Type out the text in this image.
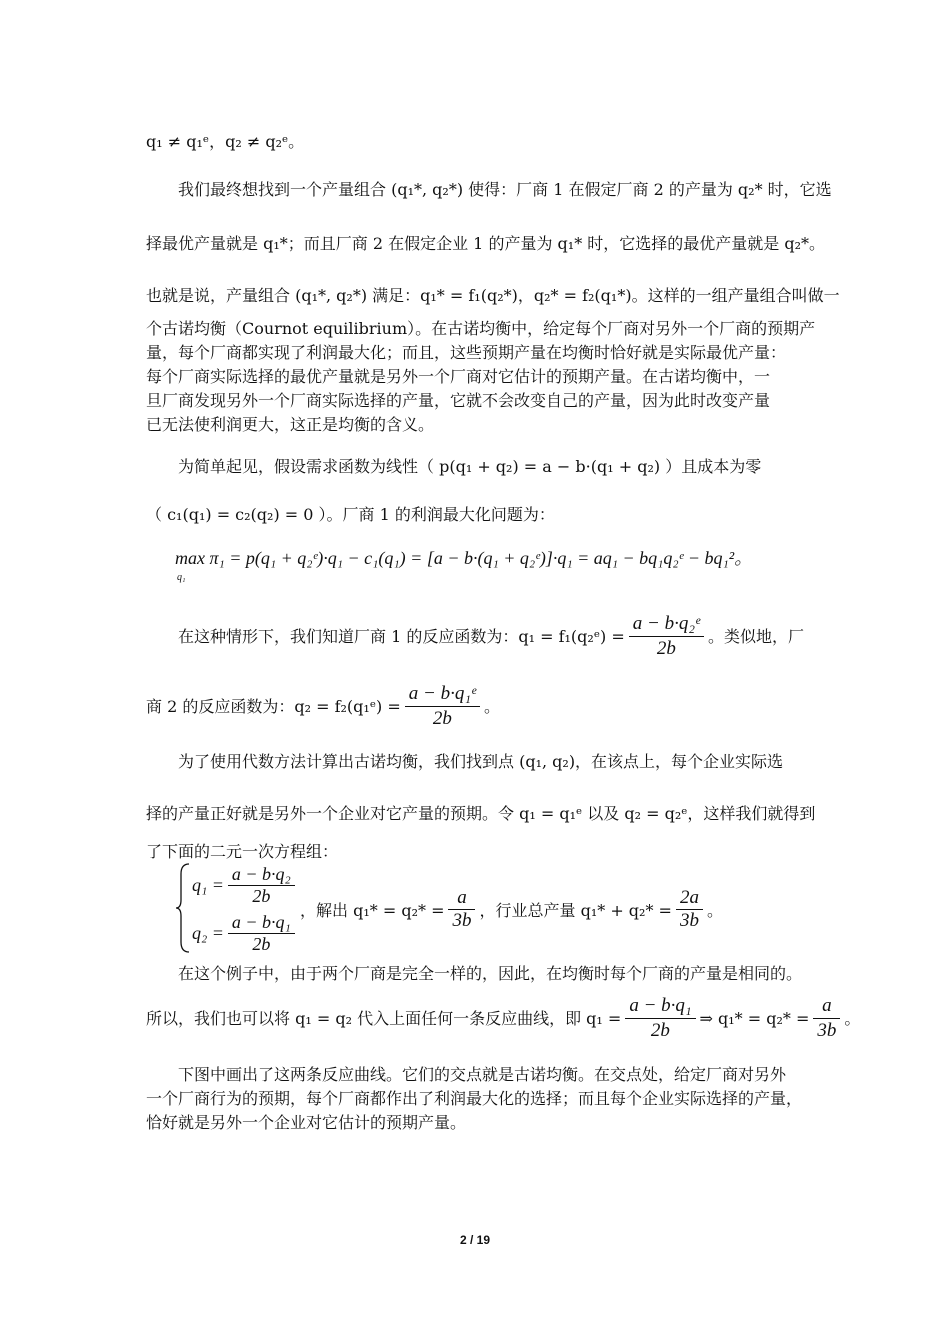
q₁ ≠ q₁ᵉ，q₂ ≠ q₂ᵉ。
我们最终想找到一个产量组合 (q₁*, q₂*) 使得：厂商 1 在假定厂商 2 的产量为 q₂* 时，它选
择最优产量就是 q₁*；而且厂商 2 在假定企业 1 的产量为 q₁* 时，它选择的最优产量就是 q₂*。
也就是说，产量组合 (q₁*, q₂*) 满足：q₁* = f₁(q₂*)，q₂* = f₂(q₁*)。这样的一组产量组合叫做一
个古诺均衡（Cournot equilibrium）。在古诺均衡中，给定每个厂商对另外一个厂商的预期产
量，每个厂商都实现了利润最大化；而且，这些预期产量在均衡时恰好就是实际最优产量：
每个厂商实际选择的最优产量就是另外一个厂商对它估计的预期产量。在古诺均衡中，一
旦厂商发现另外一个厂商实际选择的产量，它就不会改变自己的产量，因为此时改变产量
已无法使利润更大，这正是均衡的含义。
为简单起见，假设需求函数为线性（ p(q₁ + q₂) = a − b·(q₁ + q₂) ）且成本为零
（ c₁(q₁) = c₂(q₂) = 0 ）。厂商 1 的利润最大化问题为：
max π₁ = p(q₁ + q₂ᵉ)·q₁ − c₁(q₁) = [a − b·(q₁ + q₂ᵉ)]·q₁ = aq₁ − bq₁q₂ᵉ − bq₁²。
q₁
在这种情形下，我们知道厂商 1 的反应函数为：q₁ = f₁(q₂ᵉ) = $\frac{\text{a − b·q₂ᵉ}}{2b}$ 。类似地，厂
商 2 的反应函数为：q₂ = f₂(q₁ᵉ) = $\frac{\text{a − b·q₁ᵉ}}{2b}$ 。
为了使用代数方法计算出古诺均衡，我们找到点 (q₁, q₂)，在该点上，每个企业实际选
择的产量正好就是另外一个企业对它产量的预期。令 q₁ = q₁ᵉ 以及 q₂ = q₂ᵉ，这样我们就得到
了下面的二元一次方程组：
$q_1 = \frac{\text{a − b·q₂}}{2b}$
$q_2 = \frac{\text{a − b·q₁}}{2b}$
，解出 $q_1* = q_2* = \frac{a}{3b}$ ，行业总产量 $q_1* + q_2* = \frac{2a}{3b}$ 。
在这个例子中，由于两个厂商是完全一样的，因此，在均衡时每个厂商的产量是相同的。
所以，我们也可以将 q₁ = q₂ 代入上面任何一条反应曲线，即 $q_1 = \frac{\text{a − b·q₁}}{2b}$ ⇒ $q_1* = q_2* = \frac{a}{3b}$ 。
下图中画出了这两条反应曲线。它们的交点就是古诺均衡。在交点处，给定厂商对另外
一个厂商行为的预期，每个厂商都作出了利润最大化的选择；而且每个企业实际选择的产量，
恰好就是另外一个企业对它估计的预期产量。
2 / 19
